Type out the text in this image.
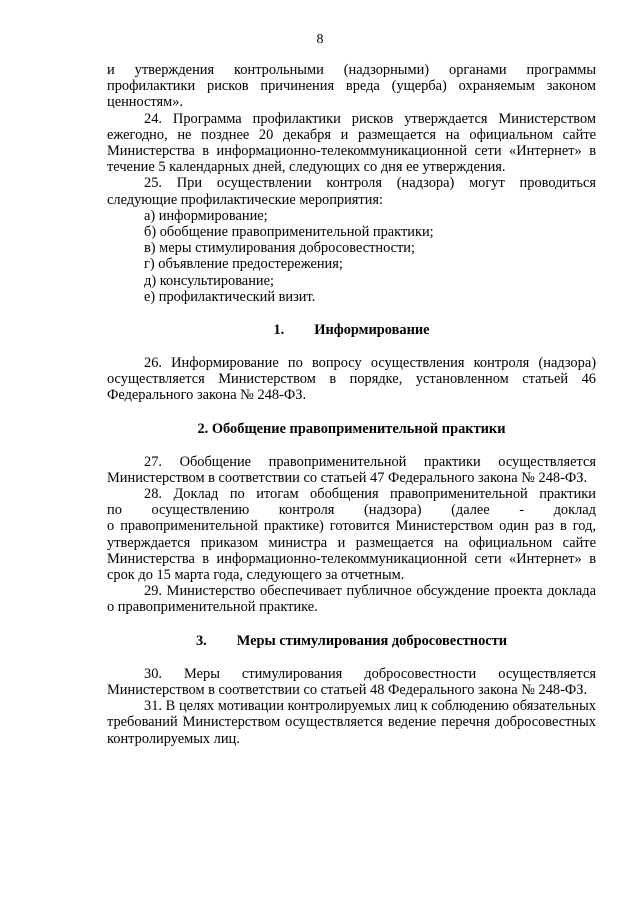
8

и утверждения контрольными (надзорными) органами программы профилактики рисков причинения вреда (ущерба) охраняемым законом ценностям».

24. Программа профилактики рисков утверждается Министерством ежегодно, не позднее 20 декабря и размещается на официальном сайте Министерства в информационно-телекоммуникационной сети «Интернет» в течение 5 календарных дней, следующих со дня ее утверждения.

25. При осуществлении контроля (надзора) могут проводиться следующие профилактические мероприятия:

а) информирование;

б) обобщение правоприменительной практики;

в) меры стимулирования добросовестности;

г) объявление предостережения;

д) консультирование;

е) профилактический визит.

1. Информирование

26. Информирование по вопросу осуществления контроля (надзора) осуществляется Министерством в порядке, установленном статьей 46 Федерального закона № 248-ФЗ.

2. Обобщение правоприменительной практики

27. Обобщение правоприменительной практики осуществляется Министерством в соответствии со статьей 47 Федерального закона № 248-ФЗ.

28. Доклад по итогам обобщения правоприменительной практики

по осуществлению контроля (надзора) (далее - доклад

о правоприменительной практике) готовится Министерством один раз в год, утверждается приказом министра и размещается на официальном сайте Министерства в информационно-телекоммуникационной сети «Интернет» в срок до 15 марта года, следующего за отчетным.

29. Министерство обеспечивает публичное обсуждение проекта доклада о правоприменительной практике.

3. Меры стимулирования добросовестности

30. Меры стимулирования добросовестности осуществляется Министерством в соответствии со статьей 48 Федерального закона № 248-ФЗ.

31. В целях мотивации контролируемых лиц к соблюдению обязательных требований Министерством осуществляется ведение перечня добросовестных контролируемых лиц.
